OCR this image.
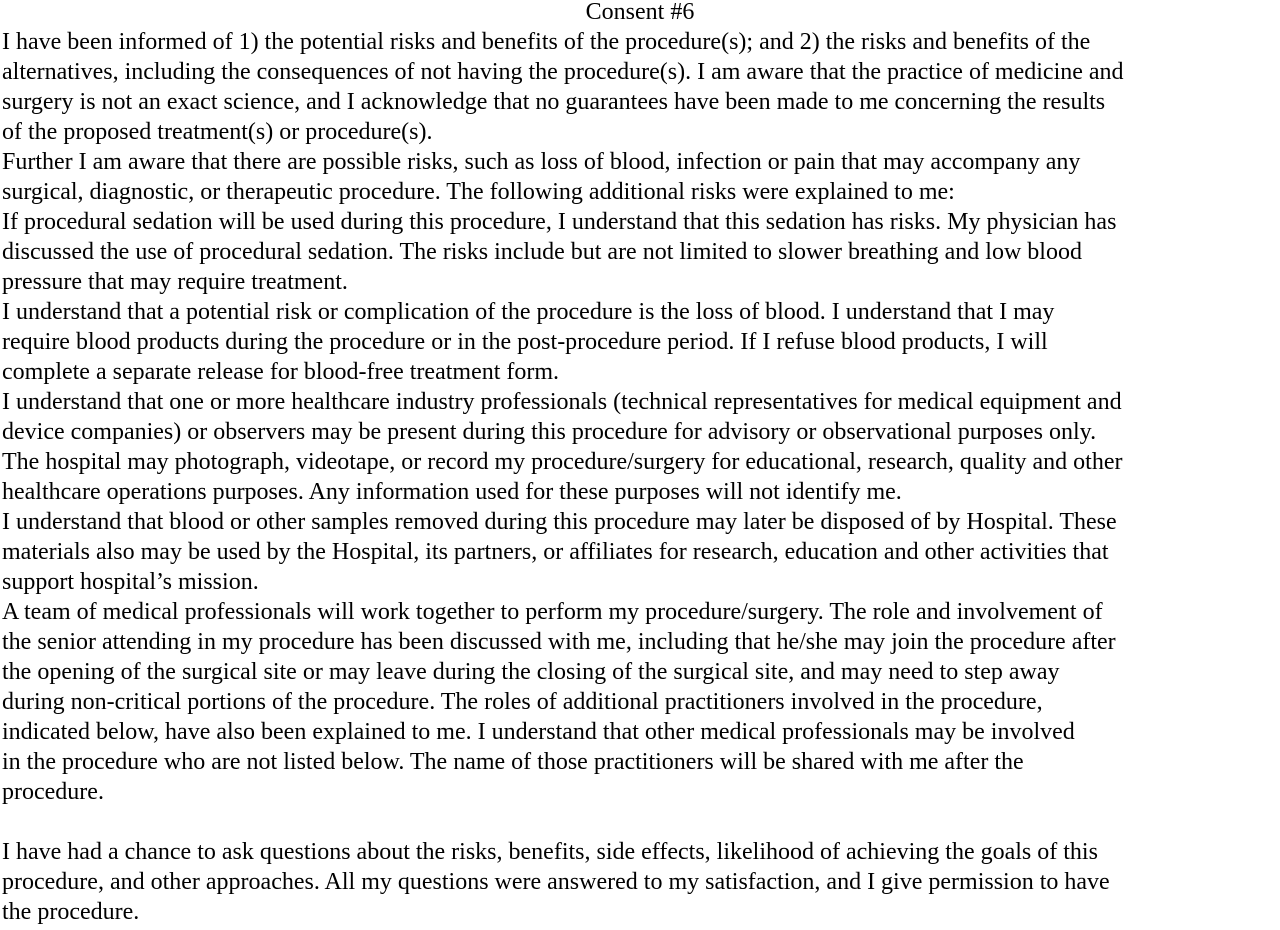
Consent #6
I have been informed of 1) the potential risks and benefits of the procedure(s); and 2) the risks and benefits of the
alternatives, including the consequences of not having the procedure(s). I am aware that the practice of medicine and
surgery is not an exact science, and I acknowledge that no guarantees have been made to me concerning the results
of the proposed treatment(s) or procedure(s).
Further I am aware that there are possible risks, such as loss of blood, infection or pain that may accompany any
surgical, diagnostic, or therapeutic procedure. The following additional risks were explained to me:
If procedural sedation will be used during this procedure, I understand that this sedation has risks. My physician has
discussed the use of procedural sedation. The risks include but are not limited to slower breathing and low blood
pressure that may require treatment.
I understand that a potential risk or complication of the procedure is the loss of blood. I understand that I may
require blood products during the procedure or in the post-procedure period. If I refuse blood products, I will
complete a separate release for blood-free treatment form.
I understand that one or more healthcare industry professionals (technical representatives for medical equipment and
device companies) or observers may be present during this procedure for advisory or observational purposes only.
The hospital may photograph, videotape, or record my procedure/surgery for educational, research, quality and other
healthcare operations purposes. Any information used for these purposes will not identify me.
I understand that blood or other samples removed during this procedure may later be disposed of by Hospital. These
materials also may be used by the Hospital, its partners, or affiliates for research, education and other activities that
support hospital’s mission.
A team of medical professionals will work together to perform my procedure/surgery. The role and involvement of
the senior attending in my procedure has been discussed with me, including that he/she may join the procedure after
the opening of the surgical site or may leave during the closing of the surgical site, and may need to step away
during non-critical portions of the procedure. The roles of additional practitioners involved in the procedure,
indicated below, have also been explained to me. I understand that other medical professionals may be involved
in the procedure who are not listed below. The name of those practitioners will be shared with me after the
procedure.
I have had a chance to ask questions about the risks, benefits, side effects, likelihood of achieving the goals of this
procedure, and other approaches. All my questions were answered to my satisfaction, and I give permission to have
the procedure.
